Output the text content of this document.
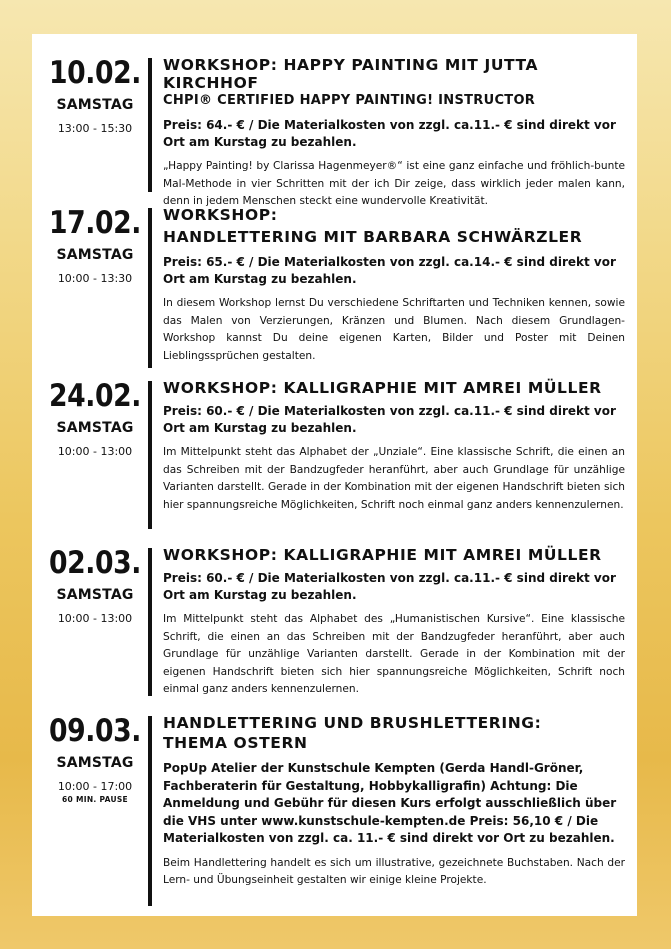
10.02.
SAMSTAG
13:00 - 15:30
WORKSHOP: HAPPY PAINTING MIT JUTTA KIRCHHOF
CHPI® CERTIFIED HAPPY PAINTING! INSTRUCTOR
Preis: 64.- € / Die Materialkosten von zzgl. ca.11.- € sind direkt vor Ort am Kurstag zu bezahlen.
„Happy Painting! by Clarissa Hagenmeyer®“ ist eine ganz einfache und fröhlich-bunte Mal-Methode in vier Schritten mit der ich Dir zeige, dass wirklich jeder malen kann, denn in jedem Menschen steckt eine wundervolle Kreativität.
17.02.
SAMSTAG
10:00 - 13:30
WORKSHOP:
HANDLETTERING MIT BARBARA SCHWÄRZLER
Preis: 65.- € / Die Materialkosten von zzgl. ca.14.- € sind direkt vor Ort am Kurstag zu bezahlen.
In diesem Workshop lernst Du verschiedene Schriftarten und Techniken kennen, sowie das Malen von Verzierungen, Kränzen und Blumen. Nach diesem Grundlagen-Workshop kannst Du deine eigenen Karten, Bilder und Poster mit Deinen Lieblingssprüchen gestalten.
24.02.
SAMSTAG
10:00 - 13:00
WORKSHOP: KALLIGRAPHIE MIT AMREI MÜLLER
Preis: 60.- € / Die Materialkosten von zzgl. ca.11.- € sind direkt vor Ort am Kurstag zu bezahlen.
Im Mittelpunkt steht das Alphabet der „Unziale“. Eine klassische Schrift, die einen an das Schreiben mit der Bandzugfeder heranführt, aber auch Grundlage für unzählige Varianten darstellt. Gerade in der Kombination mit der eigenen Handschrift bieten sich hier spannungsreiche Möglichkeiten, Schrift noch einmal ganz anders kennenzulernen.
02.03.
SAMSTAG
10:00 - 13:00
WORKSHOP: KALLIGRAPHIE MIT AMREI MÜLLER
Preis: 60.- € / Die Materialkosten von zzgl. ca.11.- € sind direkt vor Ort am Kurstag zu bezahlen.
Im Mittelpunkt steht das Alphabet des „Humanistischen Kursive“. Eine klassische Schrift, die einen an das Schreiben mit der Bandzugfeder heranführt, aber auch Grundlage für unzählige Varianten darstellt. Gerade in der Kombination mit der eigenen Handschrift bieten sich hier spannungsreiche Möglichkeiten, Schrift noch einmal ganz anders kennenzulernen.
09.03.
SAMSTAG
10:00 - 17:00
60 MIN. PAUSE
HANDLETTERING UND BRUSHLETTERING:
THEMA OSTERN
PopUp Atelier der Kunstschule Kempten (Gerda Handl-Gröner, Fachberaterin für Gestaltung, Hobbykalligrafin) Achtung: Die Anmeldung und Gebühr für diesen Kurs erfolgt ausschließlich über die VHS unter www.kunstschule-kempten.de Preis: 56,10 € / Die Materialkosten von zzgl. ca. 11.- € sind direkt vor Ort zu bezahlen.
Beim Handlettering handelt es sich um illustrative, gezeichnete Buchstaben. Nach der Lern- und Übungseinheit gestalten wir einige kleine Projekte.
